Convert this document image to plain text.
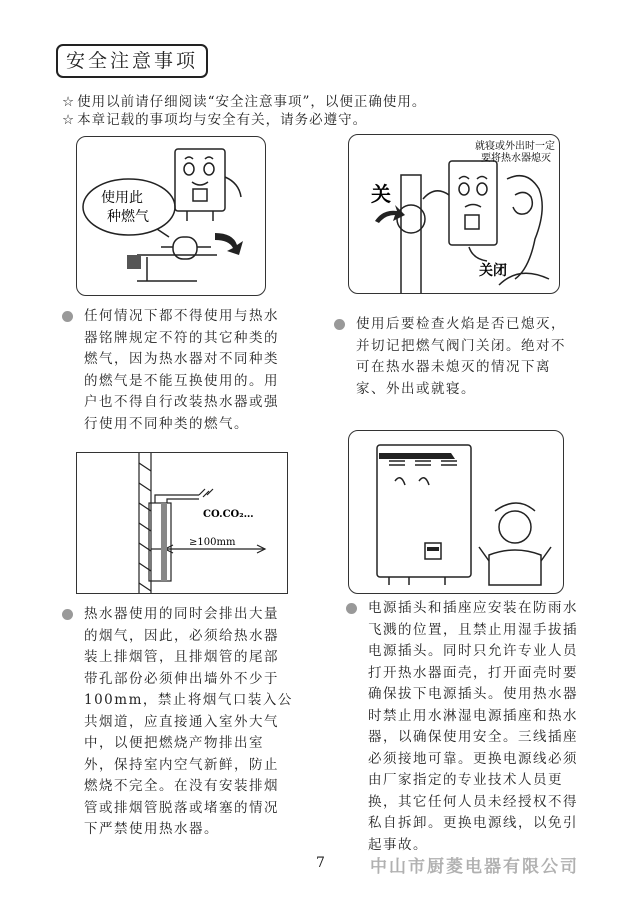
安全注意事项
☆ 使用以前请仔细阅读“安全注意事项”，以便正确使用。
☆ 本章记载的事项均与安全有关，请务必遵守。
使用此
种燃气
关
关闭
就寝或外出时一定
要将热水器熄灭

任何情况下都不得使用与热水

器铭牌规定不符的其它种类的

燃气，因为热水器对不同种类

的燃气是不能互换使用的。用

户也不得自行改装热水器或强

行使用不同种类的燃气。

使用后要检查火焰是否已熄灭，

并切记把燃气阀门关闭。绝对不

可在热水器未熄灭的情况下离

家、外出或就寝。

CO.CO₂…
≥100mm

热水器使用的同时会排出大量

的烟气，因此，必须给热水器

装上排烟管，且排烟管的尾部

带孔部份必须伸出墙外不少于

100mm，禁止将烟气口装入公

共烟道，应直接通入室外大气

中，以便把燃烧产物排出室

外，保持室内空气新鲜，防止

燃烧不完全。在没有安装排烟

管或排烟管脱落或堵塞的情况

下严禁使用热水器。

电源插头和插座应安装在防雨水

飞溅的位置，且禁止用湿手拔插

电源插头。同时只允许专业人员

打开热水器面壳，打开面壳时要

确保拔下电源插头。使用热水器

时禁止用水淋湿电源插座和热水

器，以确保使用安全。三线插座

必须接地可靠。更换电源线必须

由厂家指定的专业技术人员更

换，其它任何人员未经授权不得

私自拆卸。更换电源线，以免引

起事故。

7	中山市厨菱电器有限公司
